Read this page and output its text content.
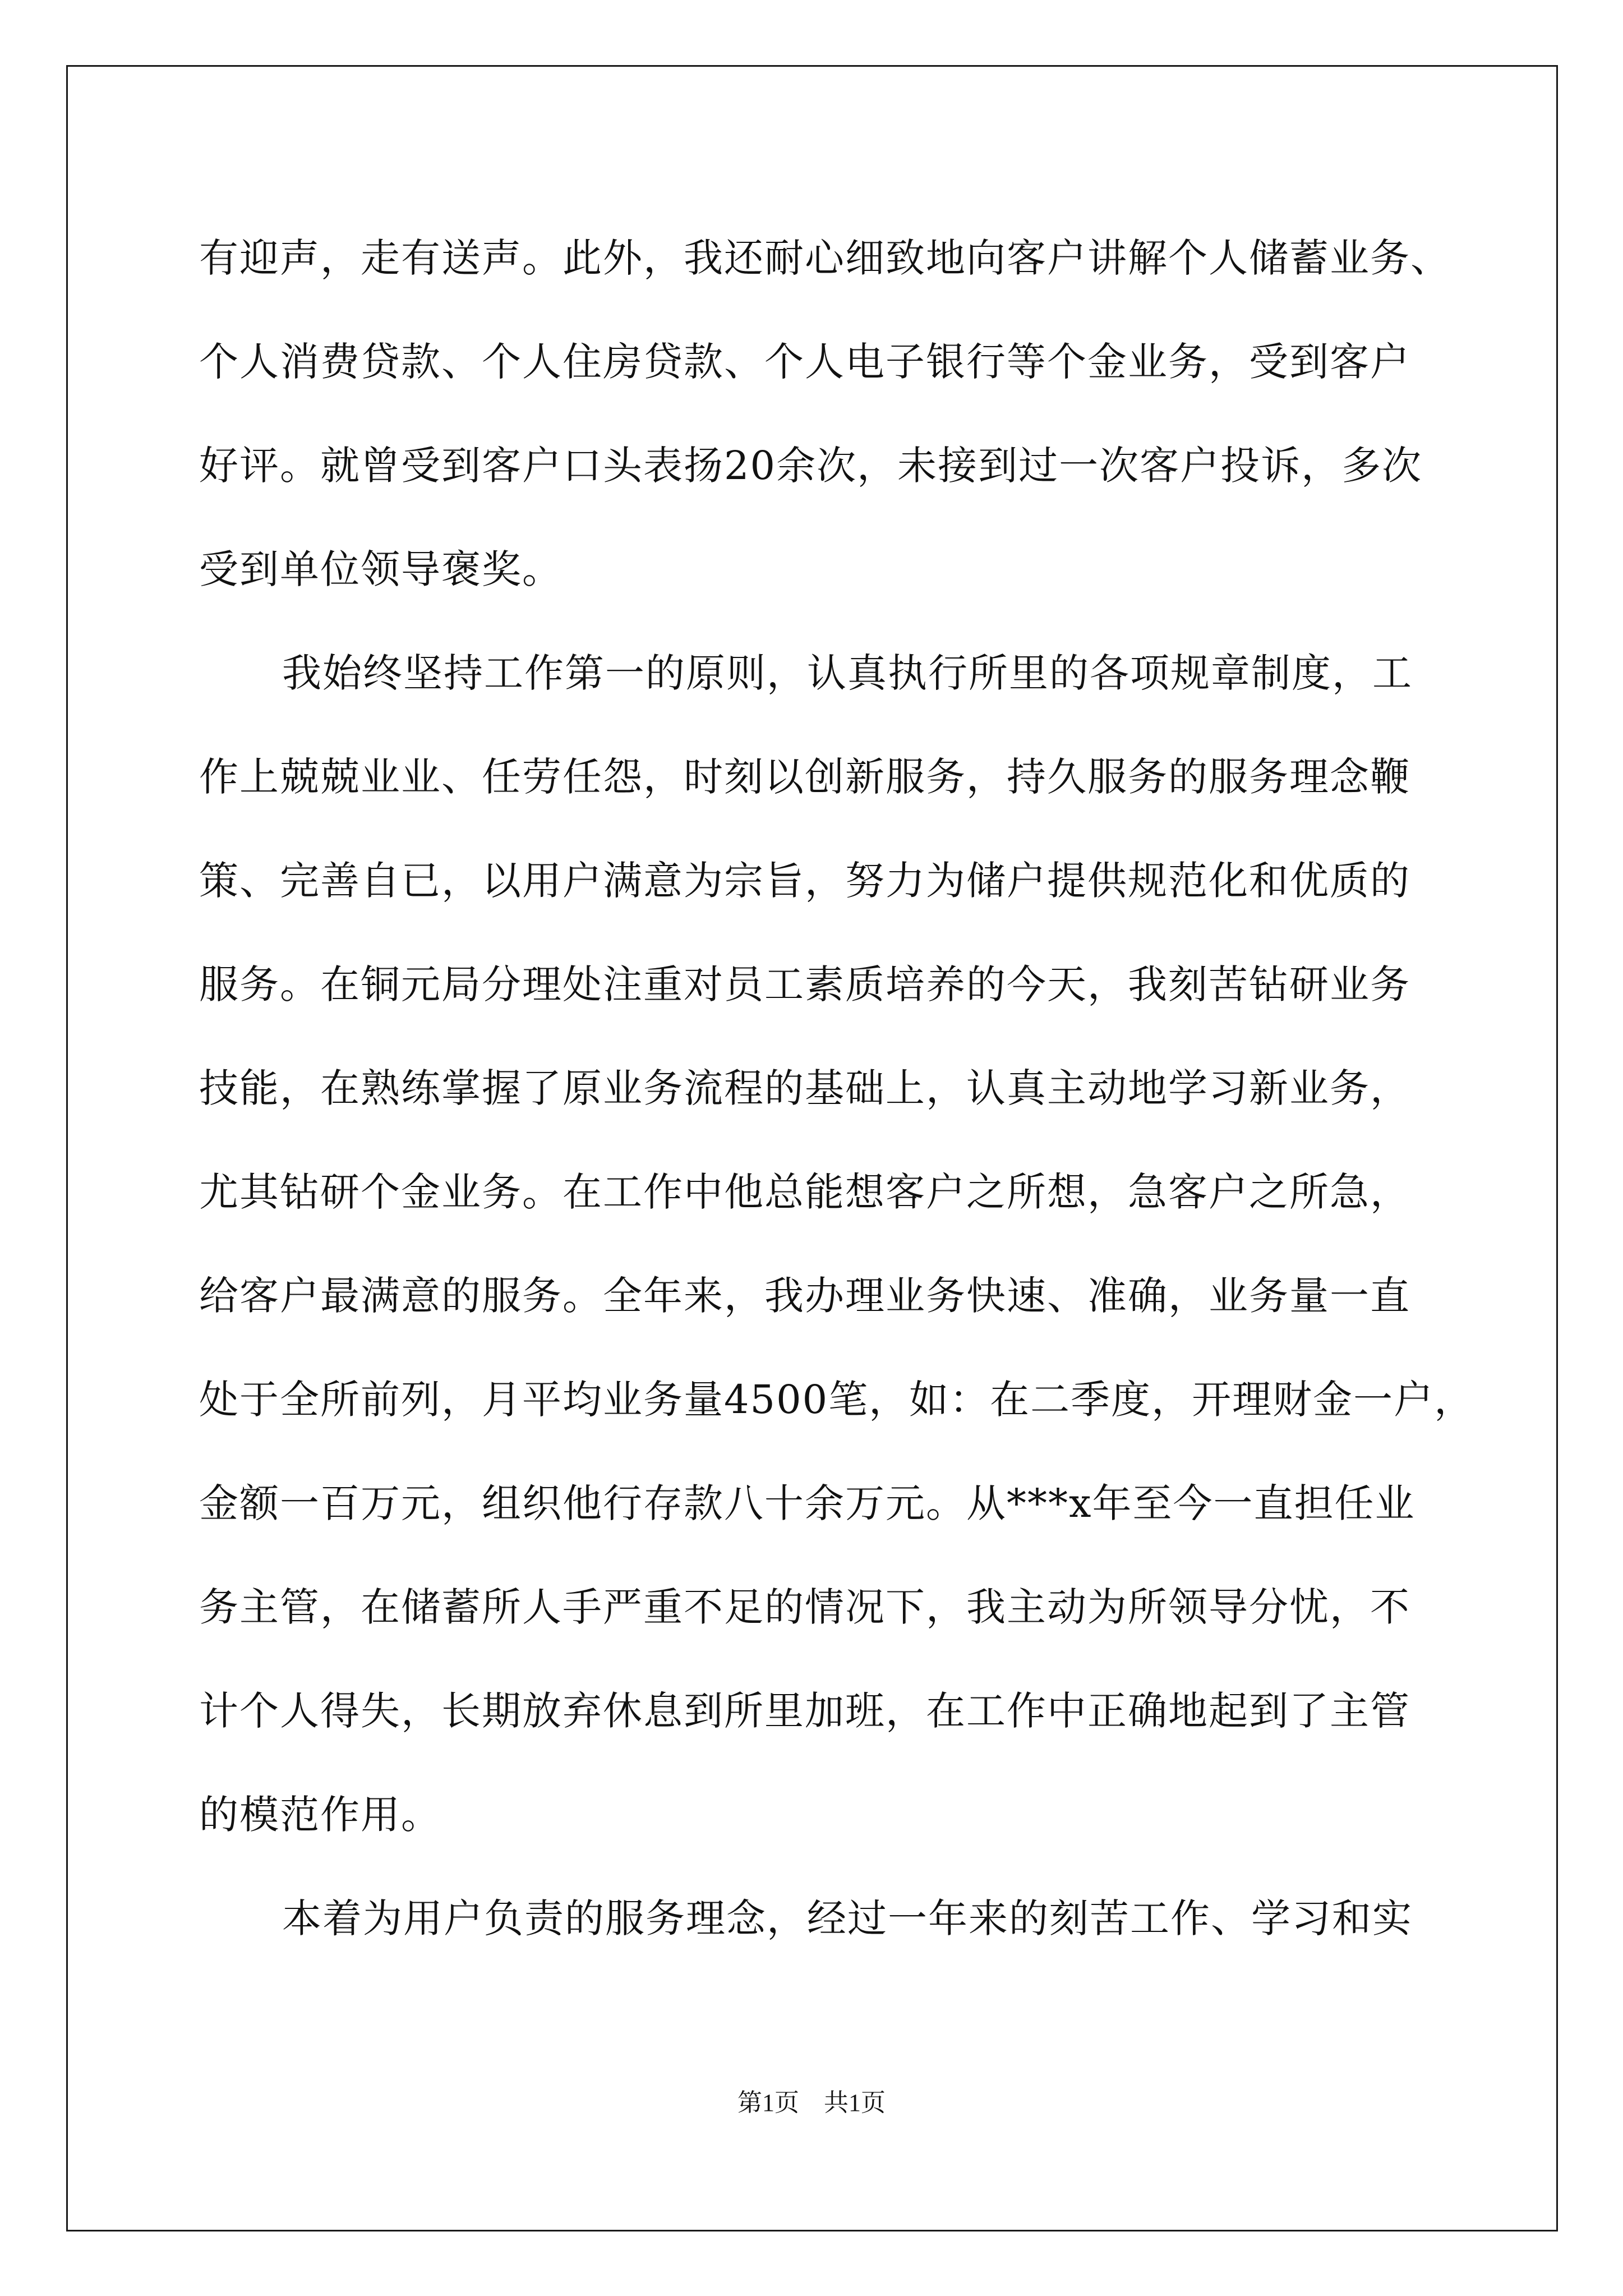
有迎声，走有送声。此外，我还耐心细致地向客户讲解个人储蓄业务、
个人消费贷款、个人住房贷款、个人电子银行等个金业务，受到客户
好评。就曾受到客户口头表扬20余次，未接到过一次客户投诉，多次
受到单位领导褒奖。
我始终坚持工作第一的原则，认真执行所里的各项规章制度，工
作上兢兢业业、任劳任怨，时刻以创新服务，持久服务的服务理念鞭
策、完善自已，以用户满意为宗旨，努力为储户提供规范化和优质的
服务。在铜元局分理处注重对员工素质培养的今天，我刻苦钻研业务
技能，在熟练掌握了原业务流程的基础上，认真主动地学习新业务，
尤其钻研个金业务。在工作中他总能想客户之所想，急客户之所急，
给客户最满意的服务。全年来，我办理业务快速、准确，业务量一直
处于全所前列，月平均业务量4500笔，如：在二季度，开理财金一户，
金额一百万元，组织他行存款八十余万元。从***x年至今一直担任业
务主管，在储蓄所人手严重不足的情况下，我主动为所领导分忧，不
计个人得失，长期放弃休息到所里加班，在工作中正确地起到了主管
的模范作用。
本着为用户负责的服务理念，经过一年来的刻苦工作、学习和实
第1页　共1页
